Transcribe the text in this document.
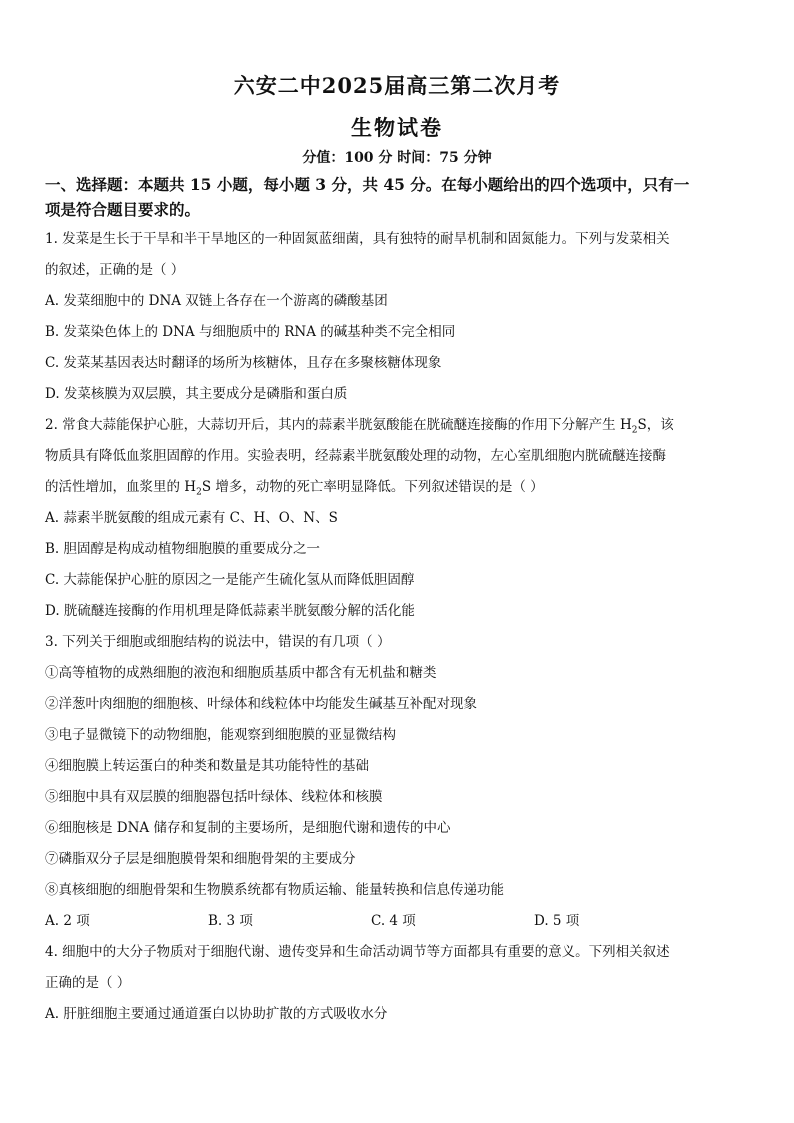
六安二中2025届高三第二次月考
生物试卷
分值：100 分 时间：75 分钟
一、选择题：本题共 15 小题，每小题 3 分，共 45 分。在每小题给出的四个选项中，只有一
项是符合题目要求的。
1. 发菜是生长于干旱和半干旱地区的一种固氮蓝细菌，具有独特的耐旱机制和固氮能力。下列与发菜相关
的叙述，正确的是（ ）
A. 发菜细胞中的 DNA 双链上各存在一个游离的磷酸基团
B. 发菜染色体上的 DNA 与细胞质中的 RNA 的碱基种类不完全相同
C. 发菜某基因表达时翻译的场所为核糖体，且存在多聚核糖体现象
D. 发菜核膜为双层膜，其主要成分是磷脂和蛋白质
2. 常食大蒜能保护心脏，大蒜切开后，其内的蒜素半胱氨酸能在胱硫醚连接酶的作用下分解产生 $H_2S$，该
物质具有降低血浆胆固醇的作用。实验表明，经蒜素半胱氨酸处理的动物，左心室肌细胞内胱硫醚连接酶
的活性增加，血浆里的 $H_2S$ 增多，动物的死亡率明显降低。下列叙述错误的是（ ）
A. 蒜素半胱氨酸的组成元素有 C、H、O、N、S
B. 胆固醇是构成动植物细胞膜的重要成分之一
C. 大蒜能保护心脏的原因之一是能产生硫化氢从而降低胆固醇
D. 胱硫醚连接酶的作用机理是降低蒜素半胱氨酸分解的活化能
3. 下列关于细胞或细胞结构的说法中，错误的有几项（ ）
①高等植物的成熟细胞的液泡和细胞质基质中都含有无机盐和糖类
②洋葱叶肉细胞的细胞核、叶绿体和线粒体中均能发生碱基互补配对现象
③电子显微镜下的动物细胞，能观察到细胞膜的亚显微结构
④细胞膜上转运蛋白的种类和数量是其功能特性的基础
⑤细胞中具有双层膜的细胞器包括叶绿体、线粒体和核膜
⑥细胞核是 DNA 储存和复制的主要场所，是细胞代谢和遗传的中心
⑦磷脂双分子层是细胞膜骨架和细胞骨架的主要成分
⑧真核细胞的细胞骨架和生物膜系统都有物质运输、能量转换和信息传递功能
A. 2 项	B. 3 项	C. 4 项	D. 5 项
4. 细胞中的大分子物质对于细胞代谢、遗传变异和生命活动调节等方面都具有重要的意义。下列相关叙述
正确的是（ ）
A. 肝脏细胞主要通过通道蛋白以协助扩散的方式吸收水分
